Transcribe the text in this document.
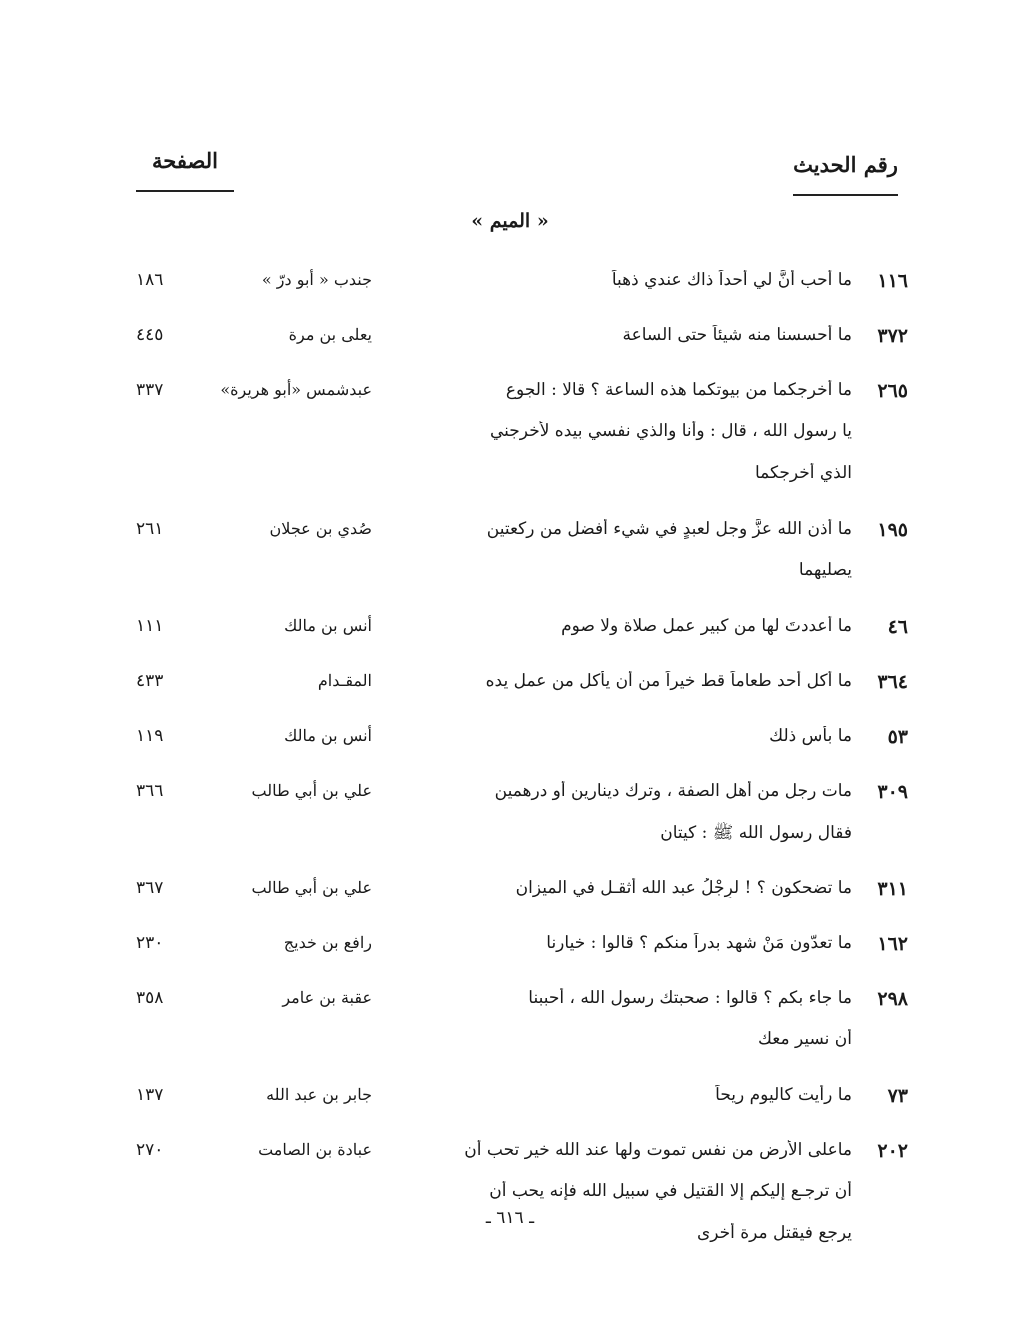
رقم الحديث
الصفحة
« الميم »
١١٦
ما أحب أنَّ لي أُحداً ذاك عندي ذهباً
جندب « أبو درّ »
١٨٦
٣٧٢
ما أحسسنا منه شيئاً حتى الساعة
يعلى بن مرة
٤٤٥
٢٦٥
ما أخرجكما من بيوتكما هذه الساعة ؟ قالا : الجوع
عبدشمس «أبو هريرة»
٣٣٧
يا رسول الله ، قال : وأنا والذي نفسي بيده لأخرجني
الذي أخرجكما
١٩٥
ما أذن الله عزَّ وجل لعبدٍ في شيء أفضل من ركعتين
صُدي بن عجلان
٢٦١
يصليهما
٤٦
ما أعددتَ لها من كبير عمل صلاة ولا صوم
أنس بن مالك
١١١
٣٦٤
ما أكل أحد طعاماً قط خيراً من أن يأكل من عمل يده
المقـدام
٤٣٣
٥٣
ما بأس ذلك
أنس بن مالك
١١٩
٣٠٩
مات رجل من أهل الصفة ، وترك دينارين أو درهمين
علي بن أبي طالب
٣٦٦
فقال رسول الله ﷺ : كيتان
٣١١
ما تضحكون ؟ ! لرِجْلُ عبد الله أثقـل في الميزان
علي بن أبي طالب
٣٦٧
١٦٢
ما تعدّون مَنْ شهد بدراً منكم ؟ قالوا : خيارنا
رافع بن خديج
٢٣٠
٢٩٨
ما جاء بكم ؟ قالوا : صحبتك رسول الله ، أحببنا
عقبة بن عامر
٣٥٨
أن نسير معك
٧٣
ما رأيت كاليوم ريحاً
جابر بن عبد الله
١٣٧
٢٠٢
ماعلى الأرض من نفس تموت ولها عند الله خير تحب أن
عبادة بن الصامت
٢٧٠
أن ترجـع إليكم إلا القتيل في سبيل الله فإنه يحب أن
يرجع فيقتل مرة أخرى
ـ ٦١٦ ـ
